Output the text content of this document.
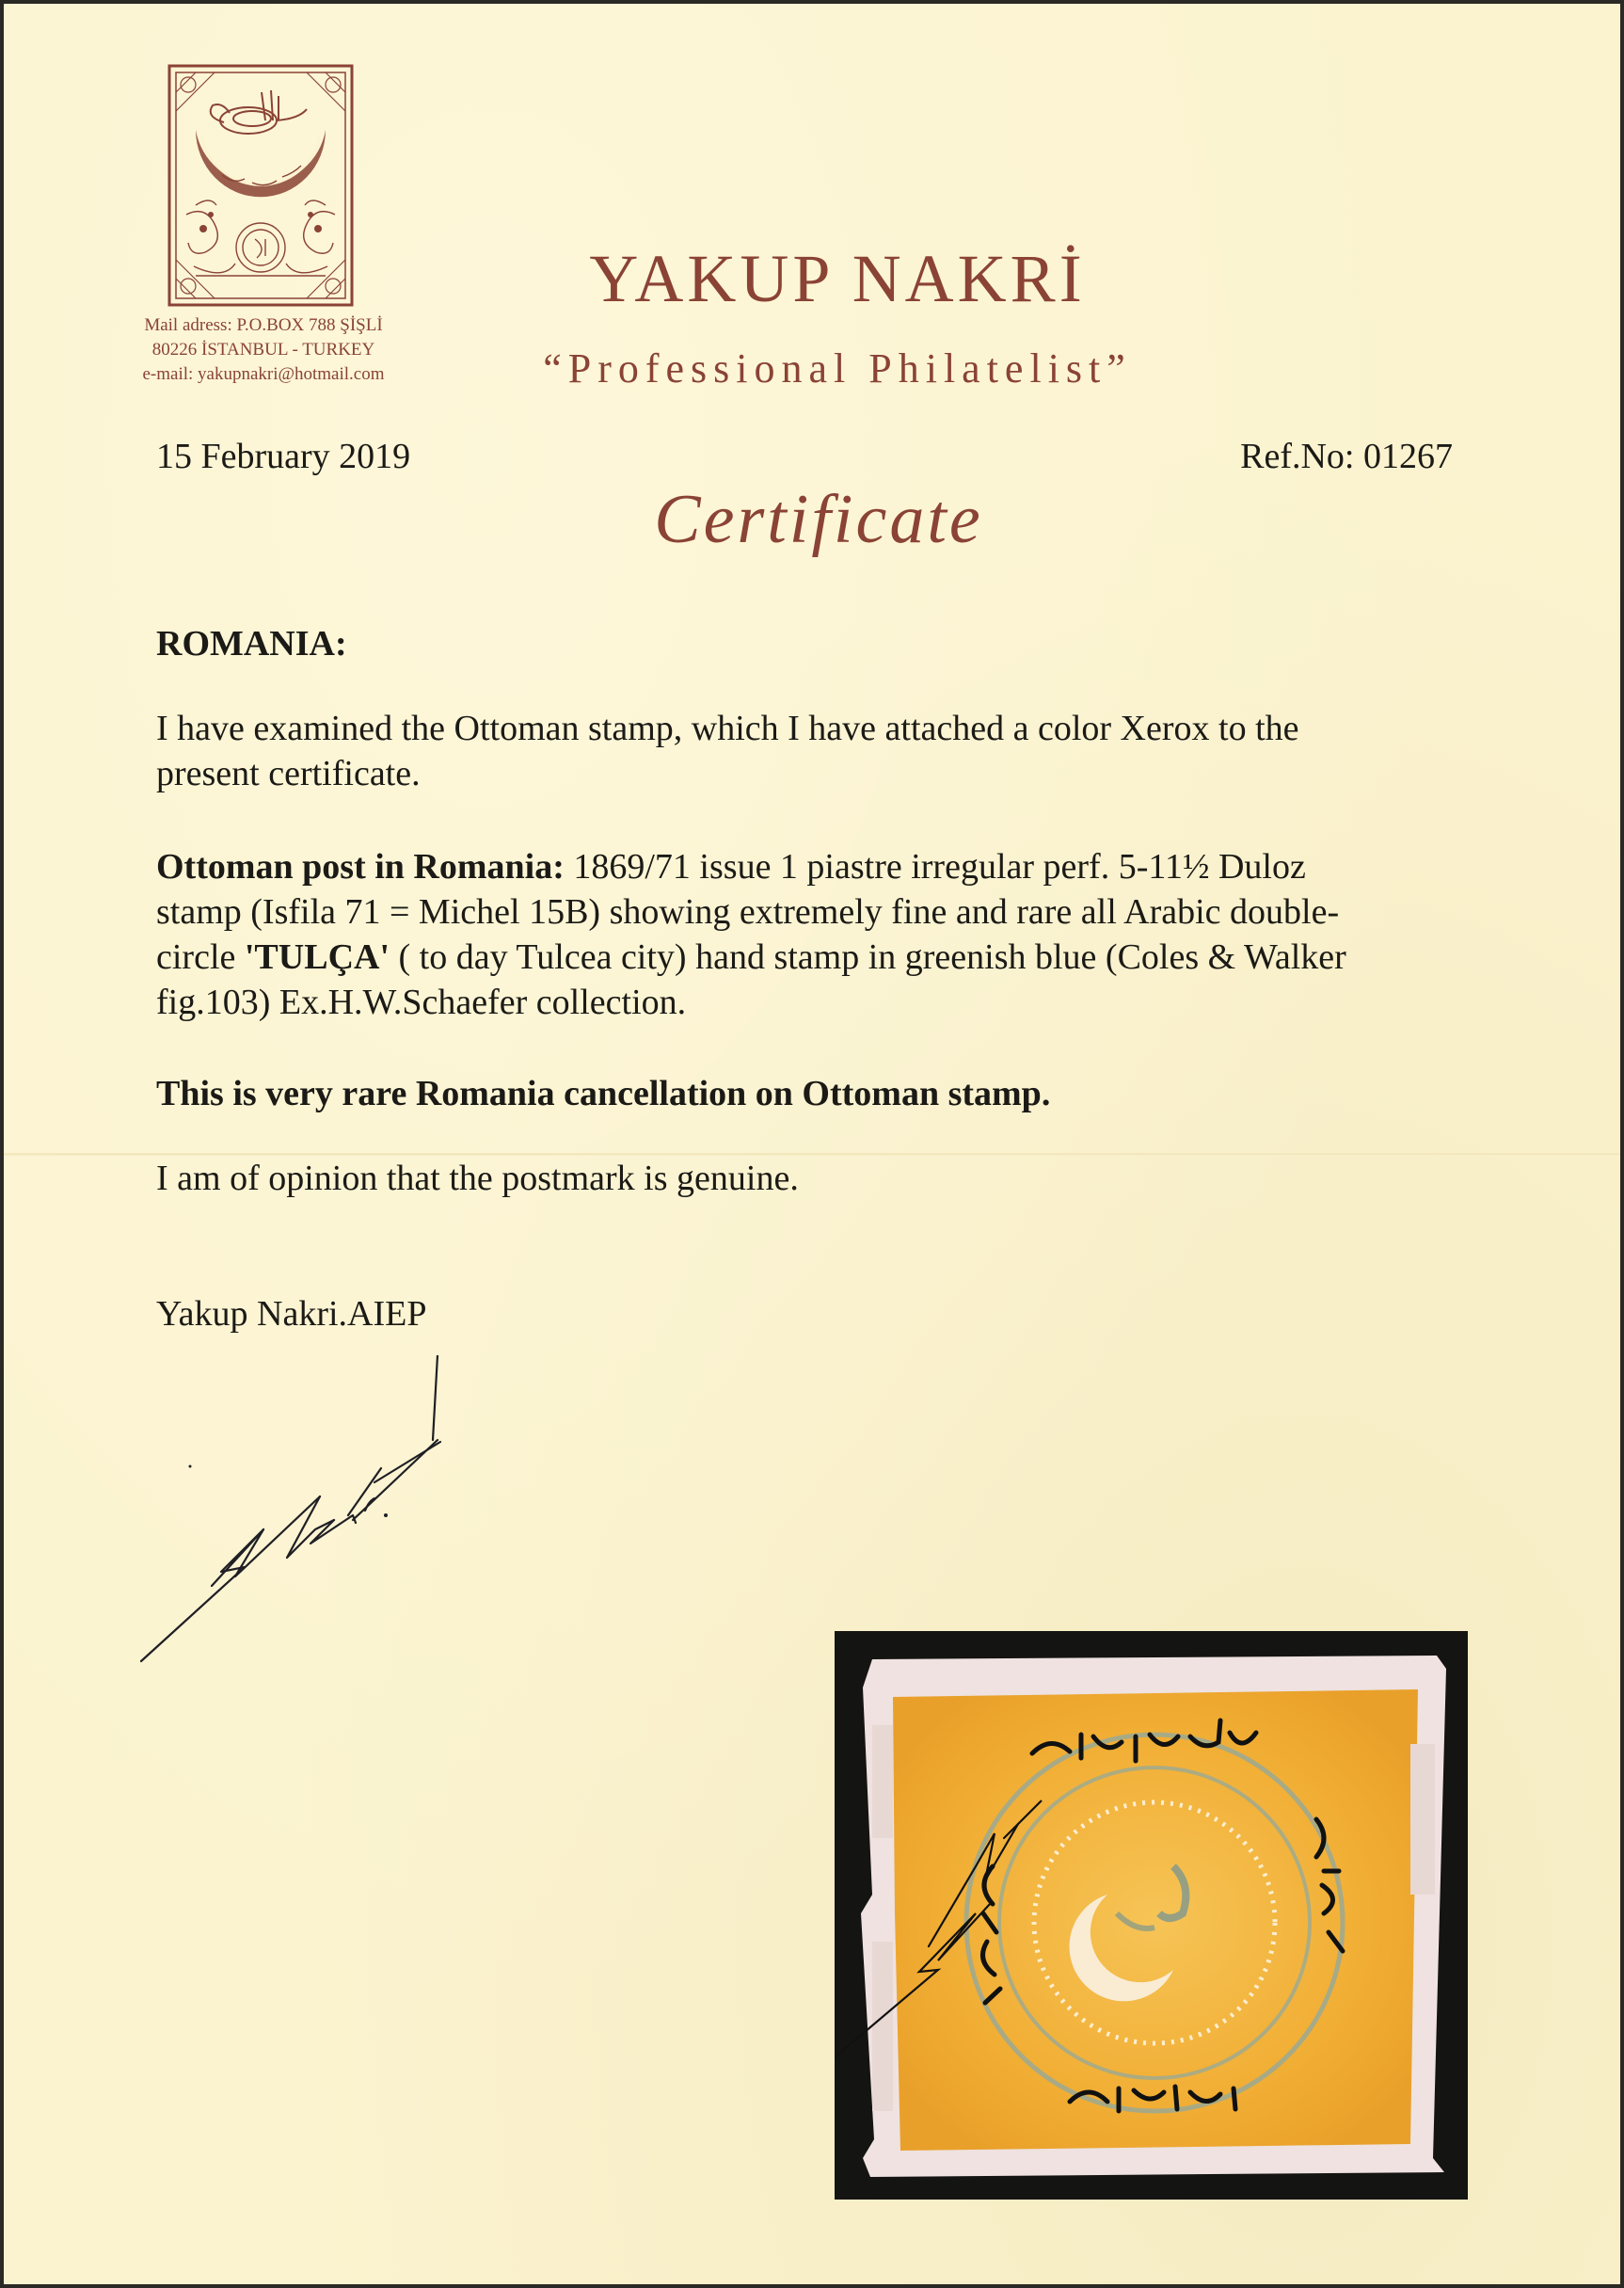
Mail adress: P.O.BOX 788 ŞİŞLİ
80226 İSTANBUL - TURKEY
e-mail: yakupnakri@hotmail.com
YAKUP NAKRİ
“Professional Philatelist”
15 February 2019	Ref.No: 01267
Certificate
ROMANIA:
I have examined the Ottoman stamp, which I have attached a color Xerox to the
present certificate.
Ottoman post in Romania: 1869/71 issue 1 piastre irregular perf. 5-11½ Duloz
stamp (Isfila 71 = Michel 15B) showing extremely fine and rare all Arabic double-
circle 'TULÇA' ( to day Tulcea city) hand stamp in greenish blue (Coles & Walker
fig.103) Ex.H.W.Schaefer collection.
This is very rare Romania cancellation on Ottoman stamp.
I am of opinion that the postmark is genuine.
Yakup Nakri.AIEP
